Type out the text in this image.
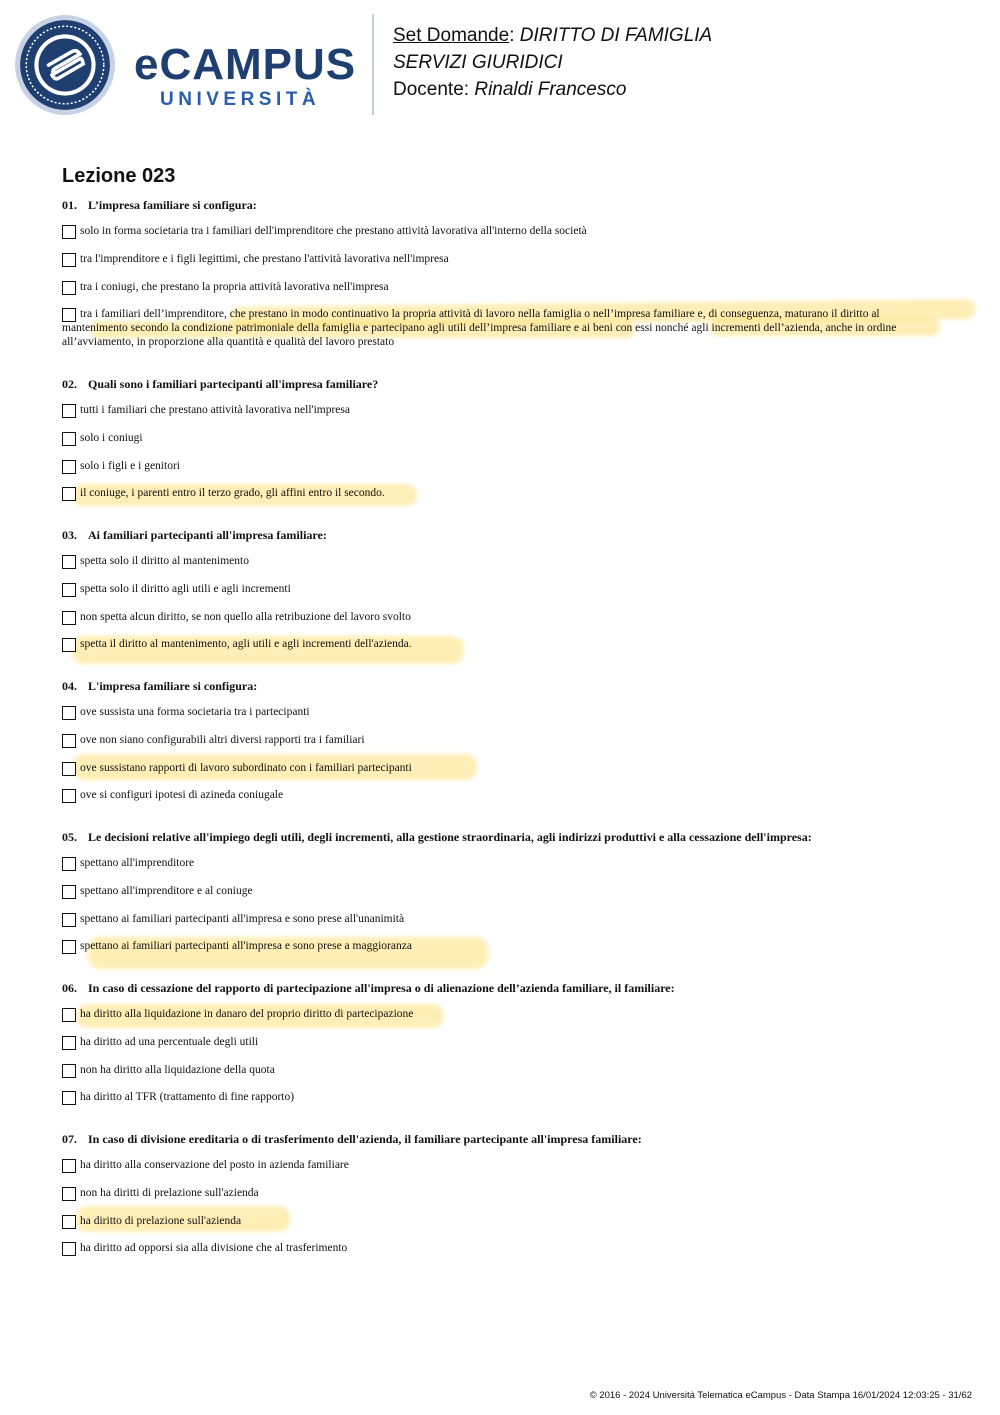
eCAMPUS
UNIVERSITÀ
Set Domande: DIRITTO DI FAMIGLIA
SERVIZI GIURIDICI
Docente: Rinaldi Francesco
Lezione 023
01. L’impresa familiare si configura:
solo in forma societaria tra i familiari dell'imprenditore che prestano attività lavorativa all'interno della società
tra l'imprenditore e i figli legittimi, che prestano l'attività lavorativa nell'impresa
tra i coniugi, che prestano la propria attività lavorativa nell'impresa
tra i familiari dell’imprenditore, che prestano in modo continuativo la propria attività di lavoro nella famiglia o nell’impresa familiare e, di conseguenza, maturano il diritto al mantenimento secondo la condizione patrimoniale della famiglia e partecipano agli utili dell’impresa familiare e ai beni con essi nonché agli incrementi dell’azienda, anche in ordine all’avviamento, in proporzione alla quantità e qualità del lavoro prestato
02. Quali sono i familiari partecipanti all'impresa familiare?
tutti i familiari che prestano attività lavorativa nell'impresa
solo i coniugi
solo i figli e i genitori
il coniuge, i parenti entro il terzo grado, gli affini entro il secondo.
03. Ai familiari partecipanti all'impresa familiare:
spetta solo il diritto al mantenimento
spetta solo il diritto agli utili e agli incrementi
non spetta alcun diritto, se non quello alla retribuzione del lavoro svolto
spetta il diritto al mantenimento, agli utili e agli incrementi dell'azienda.
04. L'impresa familiare si configura:
ove sussista una forma societaria tra i partecipanti
ove non siano configurabili altri diversi rapporti tra i familiari
ove sussistano rapporti di lavoro subordinato con i familiari partecipanti
ove si configuri ipotesi di azineda coniugale
05. Le decisioni relative all'impiego degli utili, degli incrementi, alla gestione straordinaria, agli indirizzi produttivi e alla cessazione dell'impresa:
spettano all'imprenditore
spettano all'imprenditore e al coniuge
spettano ai familiari partecipanti all'impresa e sono prese all'unanimità
spettano ai familiari partecipanti all'impresa e sono prese a maggioranza
06. In caso di cessazione del rapporto di partecipazione all'impresa o di alienazione dell’azienda familiare, il familiare:
ha diritto alla liquidazione in danaro del proprio diritto di partecipazione
ha diritto ad una percentuale degli utili
non ha diritto alla liquidazione della quota
ha diritto al TFR (trattamento di fine rapporto)
07. In caso di divisione ereditaria o di trasferimento dell'azienda, il familiare partecipante all'impresa familiare:
ha diritto alla conservazione del posto in azienda familiare
non ha diritti di prelazione sull'azienda
ha diritto di prelazione sull'azienda
ha diritto ad opporsi sia alla divisione che al trasferimento
© 2016 - 2024 Università Telematica eCampus - Data Stampa 16/01/2024 12:03:25 - 31/62
